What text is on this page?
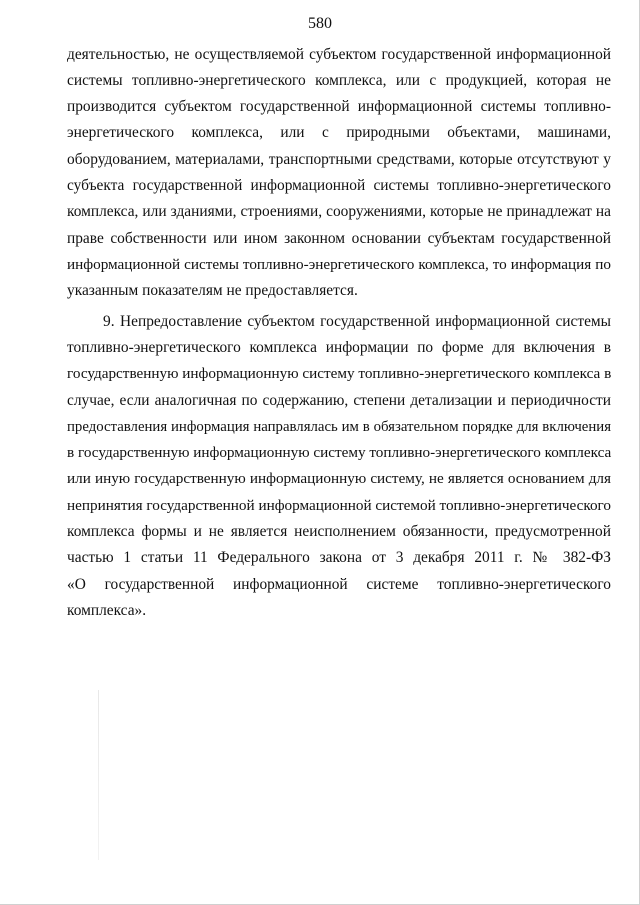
580
деятельностью, не осуществляемой субъектом государственной информационной
системы топливно-энергетического комплекса, или с продукцией, которая не
производится субъектом государственной информационной системы топливно-
энергетического комплекса, или с природными объектами, машинами,
оборудованием, материалами, транспортными средствами, которые отсутствуют у
субъекта государственной информационной системы топливно-энергетического
комплекса, или зданиями, строениями, сооружениями, которые не принадлежат на
праве собственности или ином законном основании субъектам государственной
информационной системы топливно-энергетического комплекса, то информация по
указанным показателям не предоставляется.
9. Непредоставление субъектом государственной информационной системы
топливно-энергетического комплекса информации по форме для включения в
государственную информационную систему топливно-энергетического комплекса в
случае, если аналогичная по содержанию, степени детализации и периодичности
предоставления информация направлялась им в обязательном порядке для включения
в государственную информационную систему топливно-энергетического комплекса
или иную государственную информационную систему, не является основанием для
непринятия государственной информационной системой топливно-энергетического
комплекса формы и не является неисполнением обязанности, предусмотренной
частью 1 статьи 11 Федерального закона от 3 декабря 2011 г. № 382-ФЗ
«О государственной информационной системе топливно-энергетического
комплекса».
